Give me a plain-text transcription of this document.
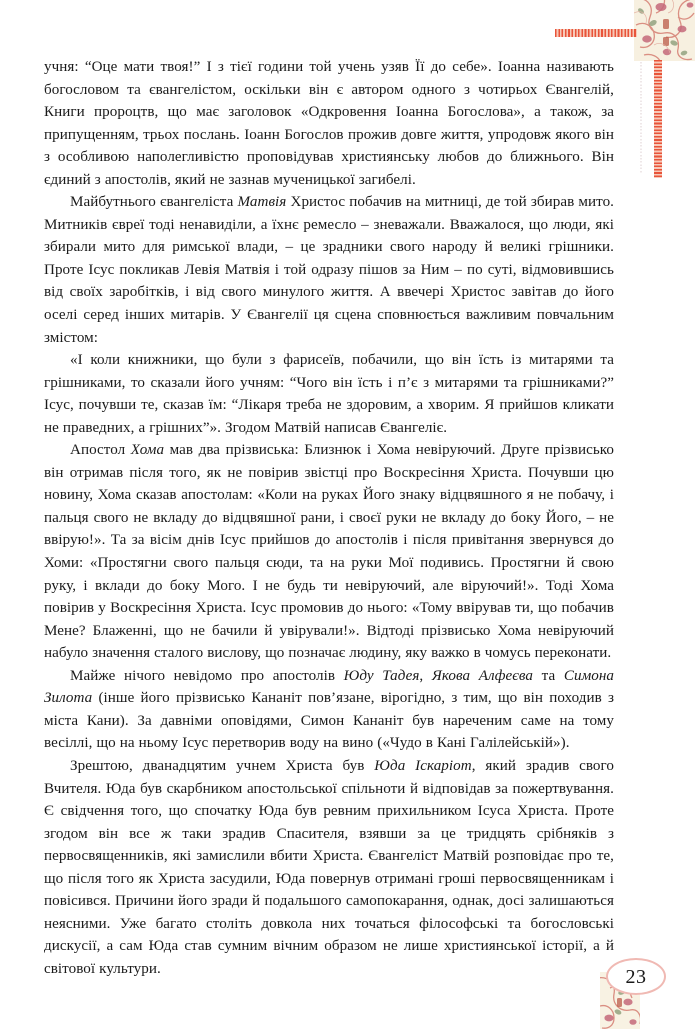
учня: “Оце мати твоя!” І з тієї години той учень узяв Її до себе». Іоанна називають богословом та євангелістом, оскільки він є автором одного з чотирьох Євангелій, Книги пророцтв, що має заголовок «Одкровення Іоанна Богослова», а також, за припущенням, трьох послань. Іоанн Богослов прожив довге життя, упродовж якого він з особливою наполегливістю проповідував християнську любов до ближнього. Він єдиний з апостолів, який не зазнав мученицької загибелі.

Майбутнього євангеліста Матвія Христос побачив на митниці, де той збирав мито. Митників євреї тоді ненавиділи, а їхнє ремесло – зневажали. Вважалося, що люди, які збирали мито для римської влади, – це зрадники свого народу й великі грішники. Проте Ісус покликав Левія Матвія і той одразу пішов за Ним – по суті, відмовившись від своїх заробітків, і від свого минулого життя. А ввечері Христос завітав до його оселі серед інших митарів. У Євангелії ця сцена сповнюється важливим повчальним змістом:

«І коли книжники, що були з фарисеїв, побачили, що він їсть із митарями та грішниками, то сказали його учням: “Чого він їсть і п’є з митарями та грішниками?” Ісус, почувши те, сказав їм: “Лікаря треба не здоровим, а хворим. Я прийшов кликати не праведних, а грішних”». Згодом Матвій написав Євангеліє.

Апостол Хома мав два прізвиська: Близнюк і Хома невіруючий. Друге прізвисько він отримав після того, як не повірив звістці про Воскресіння Христа. Почувши цю новину, Хома сказав апостолам: «Коли на руках Його знаку відцвяшного я не побачу, і пальця свого не вкладу до відцвяшної рани, і своєї руки не вкладу до боку Його, – не ввірую!». Та за вісім днів Ісус прийшов до апостолів і після привітання звернувся до Хоми: «Простягни свого пальця сюди, та на руки Мої подивись. Простягни й свою руку, і вклади до боку Мого. І не будь ти невіруючий, але віруючий!». Тоді Хома повірив у Воскресіння Христа. Ісус промовив до нього: «Тому ввірував ти, що побачив Мене? Блаженні, що не бачили й увірували!». Відтоді прізвисько Хома невіруючий набуло значення сталого вислову, що позначає людину, яку важко в чомусь переконати.

Майже нічого невідомо про апостолів Юду Тадея, Якова Алфеєва та Симона Зилота (інше його прізвисько Кананіт пов’язане, вірогідно, з тим, що він походив з міста Кани). За давніми оповідями, Симон Кананіт був нареченим саме на тому весіллі, що на ньому Ісус перетворив воду на вино («Чудо в Кані Галілейській»).

Зрештою, дванадцятим учнем Христа був Юда Іскаріот, який зрадив свого Вчителя. Юда був скарбником апостольської спільноти й відповідав за пожертвування. Є свідчення того, що спочатку Юда був ревним прихильником Ісуса Христа. Проте згодом він все ж таки зрадив Спасителя, взявши за це тридцять срібняків з первосвященників, які замислили вбити Христа. Євангеліст Матвій розповідає про те, що після того як Христа засудили, Юда повернув отримані гроші первосвященникам і повісився. Причини його зради й подальшого самопокарання, однак, досі залишаються неясними. Уже багато століть довкола них точаться філософські та богословські дискусії, а сам Юда став сумним вічним образом не лише християнської історії, а й світової культури.	23
